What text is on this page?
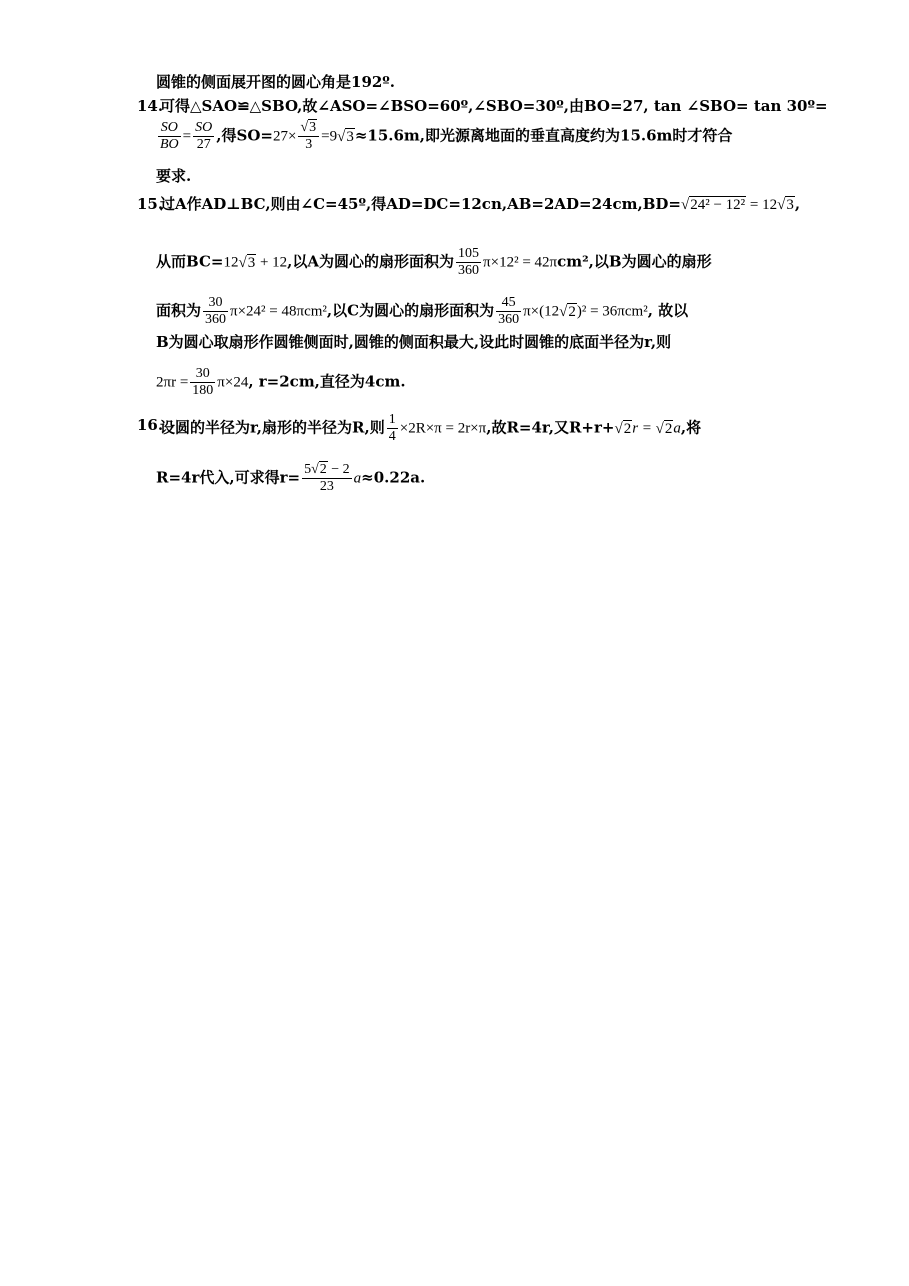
圆锥的侧面展开图的圆心角是192º.
14.
可得△SAO≌△SBO,故∠ASO=∠BSO=60º,∠SBO=30º,由BO=27, tan ∠SBO= tan 30º=
$\frac{SO}{BO} = \frac{SO}{27}$ ,得$SO=27\times \frac{√3}{3} =9√3\approx 15.6m$,即光源离地面的垂直高度约为15.6m时才符合
要求.
15.
过A作AD⊥BC,则由∠C=45º,得AD=DC=12cn,AB=2AD=24cm,BD=√24² − 12² = 12√3,
从而BC=12√3 + 12,以A为圆心的扇形面积为 $\frac{105}{360} \pi\times 12^2 = 42\pi cm^2$,以B为圆心的扇形
面积为 $\frac{30}{360} \pi\times 24^2 = 48\pi cm^2$,以C为圆心的扇形面积为 $\frac{45}{360} \pi\times(12√2)^2 = 36\pi cm^2$, 故以
B为圆心取扇形作圆锥侧面时,圆锥的侧面积最大,设此时圆锥的底面半径为r,则
$2\pi r = \frac{30}{180} \pi\times 24$, r=2cm,直径为4cm.
16.
设圆的半径为r,扇形的半径为R,则 $\frac{1}{4} \times 2R\times\pi = 2r\times\pi$,故R=4r,又R+r+√2r = √2a,将
R=4r代入,可求得$r= \frac{5√2 - 2}{23} a\approx 0.22a$.
